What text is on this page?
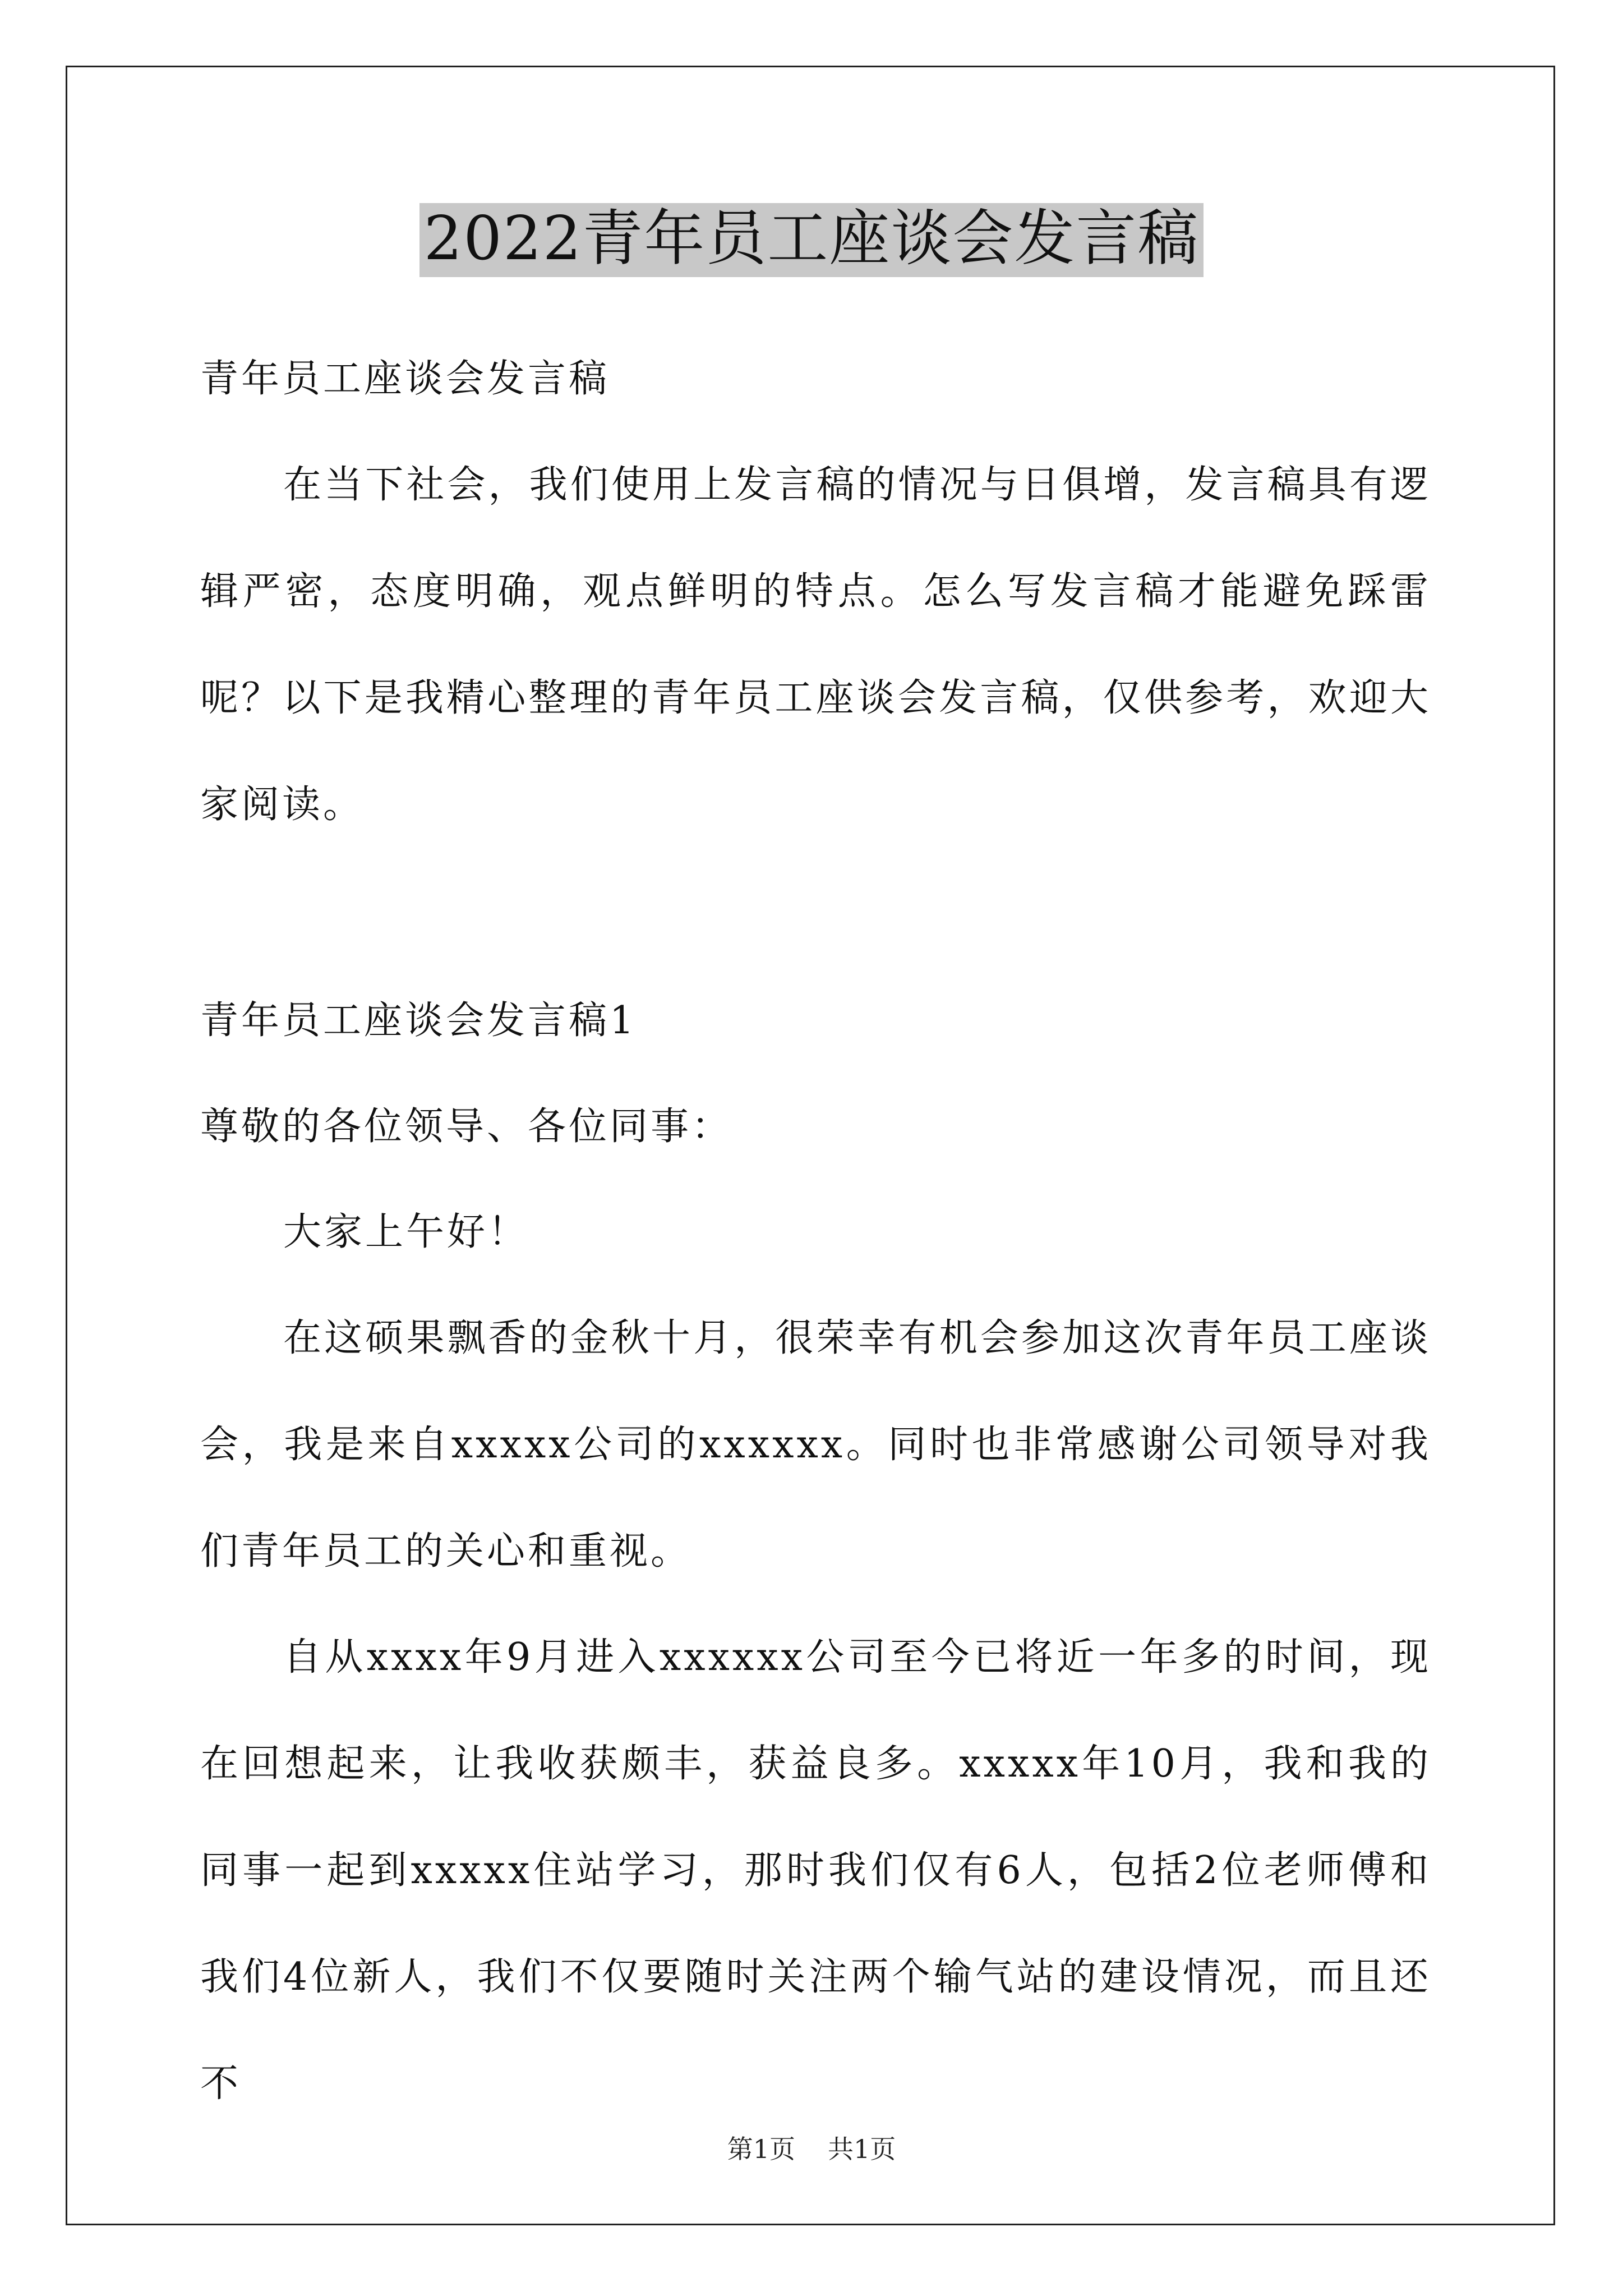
2022青年员工座谈会发言稿

青年员工座谈会发言稿

在当下社会，我们使用上发言稿的情况与日俱增，发言稿具有逻辑严密，态度明确，观点鲜明的特点。怎么写发言稿才能避免踩雷呢？以下是我精心整理的青年员工座谈会发言稿，仅供参考，欢迎大家阅读。

青年员工座谈会发言稿1

尊敬的各位领导、各位同事：

大家上午好！

在这硕果飘香的金秋十月，很荣幸有机会参加这次青年员工座谈会，我是来自xxxxx公司的xxxxxx。同时也非常感谢公司领导对我们青年员工的关心和重视。

自从xxxx年9月进入xxxxxx公司至今已将近一年多的时间，现在回想起来，让我收获颇丰，获益良多。xxxxx年10月，我和我的同事一起到xxxxx住站学习，那时我们仅有6人，包括2位老师傅和我们4位新人，我们不仅要随时关注两个输气站的建设情况，而且还不

第1页 共1页
